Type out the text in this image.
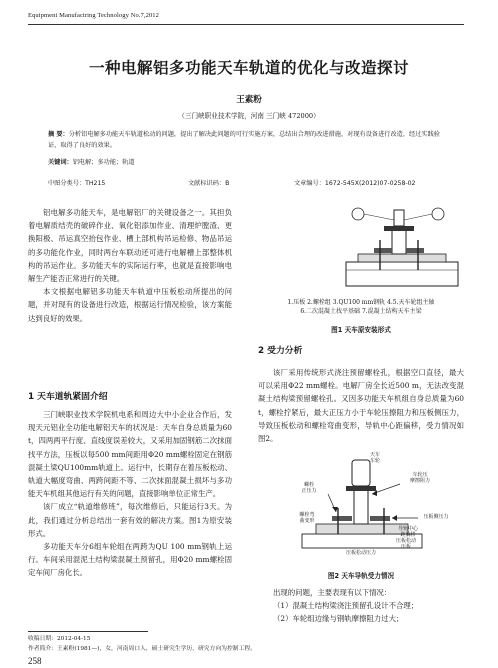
Equipment Manufactring Technology No.7,2012
一种电解铝多功能天车轨道的优化与改造探讨
王素粉
（三门峡职业技术学院，河南 三门峡 472000）
摘 要：分析铝电解多功能天车轨道松动的问题，提出了解决此问题的可行实施方案，总结出合理的改进措施，对现有设备进行改造，经过实践验证，取得了良好的效果。
关键词：铝电解；多功能；轨道
中图分类号：TH215	文献标识码：B	文章编号：1672-545X(2012)07-0258-02

铝电解多功能天车，是电解铝厂的关键设备之一。其担负着电解质结壳的破碎作业、氧化铝添加作业、清理炉膛渣、更换阳极、吊运真空抬包作业、槽上部机构吊运检修、物品吊运的多功能化作业，同时两台车联动还可进行电解槽上部整体机构的吊运作业。多功能天车的实际运行率，也就是直接影响电解生产能否正常进行的关键。

本文根据电解铝多功能天车轨道中压板松动所提出的问题，并对现有的设备进行改造，根据运行情况检验，该方案能达到良好的效果。

1 天车道轨紧固介绍

三门峡职业技术学院机电系和周边大中小企业合作后，发现天元铝业全功能电解铝天车的状况是：天车自身总质量为60 t，四两两平行度、直线度误差较大，又采用加固钢筋二次抹面找平方法，压板以每500 mm间距用Φ20 mm螺栓固定在钢筋混凝土梁QU100mm轨道上。运行中，长期存在着压板松动、轨道大幅度弯曲、两跨间距不等、二次抹面混凝土损坏与多功能天车机组其他运行有关的问题，直接影响单位正常生产。

该厂成立“轨道维修班”，每次维修后，只能运行3天。为此，我们通过分析总结出一套有效的解决方案。图1为原安装形式。

多功能天车分6组车轮组在两跨为QU 100 mm钢轨上运行。车间采用混泥土结构梁混凝土预留孔，用Φ20 mm螺栓固定车间厂房化长。

1.压板 2.螺栓组 3.QU100 mm钢轨 4.5.天车轮组主轴
6.二次混凝土找平基础 7.混凝土结构天车主梁
图1 天车原安装形式
2 受力分析

该厂采用传统形式浇注预留螺栓孔，根据空口直径，最大可以采用Φ22 mm螺栓。电解厂房全长近500 m，无法改变混凝土结构梁预留螺栓孔。又因多功能天车机组自身总质量为60 t，螺栓拧紧后，最大正压力小于车轮压擦阻力和压板侧压力，导致压板松动和螺栓弯曲变形，导轨中心距偏移，受力情况如图2。

天车
车轮
螺栓
正压力
车轮压
摩擦阻力
压板侧压力
螺栓弯
曲变形
导轨中心
距偏移
压板松动
压板
压板松动压力
图2 天车导轨受力情况
出现的问题，主要表现有以下情况：
（1）混凝土结构梁浇注预留孔设计不合理；
（2）车轮组边缘与钢轨摩擦阻力过大；
收稿日期：2012-04-15
作者简介：王素粉(1981—)，女，河南周口人，硕士研究生学历，研究方向为控制工程。
258
